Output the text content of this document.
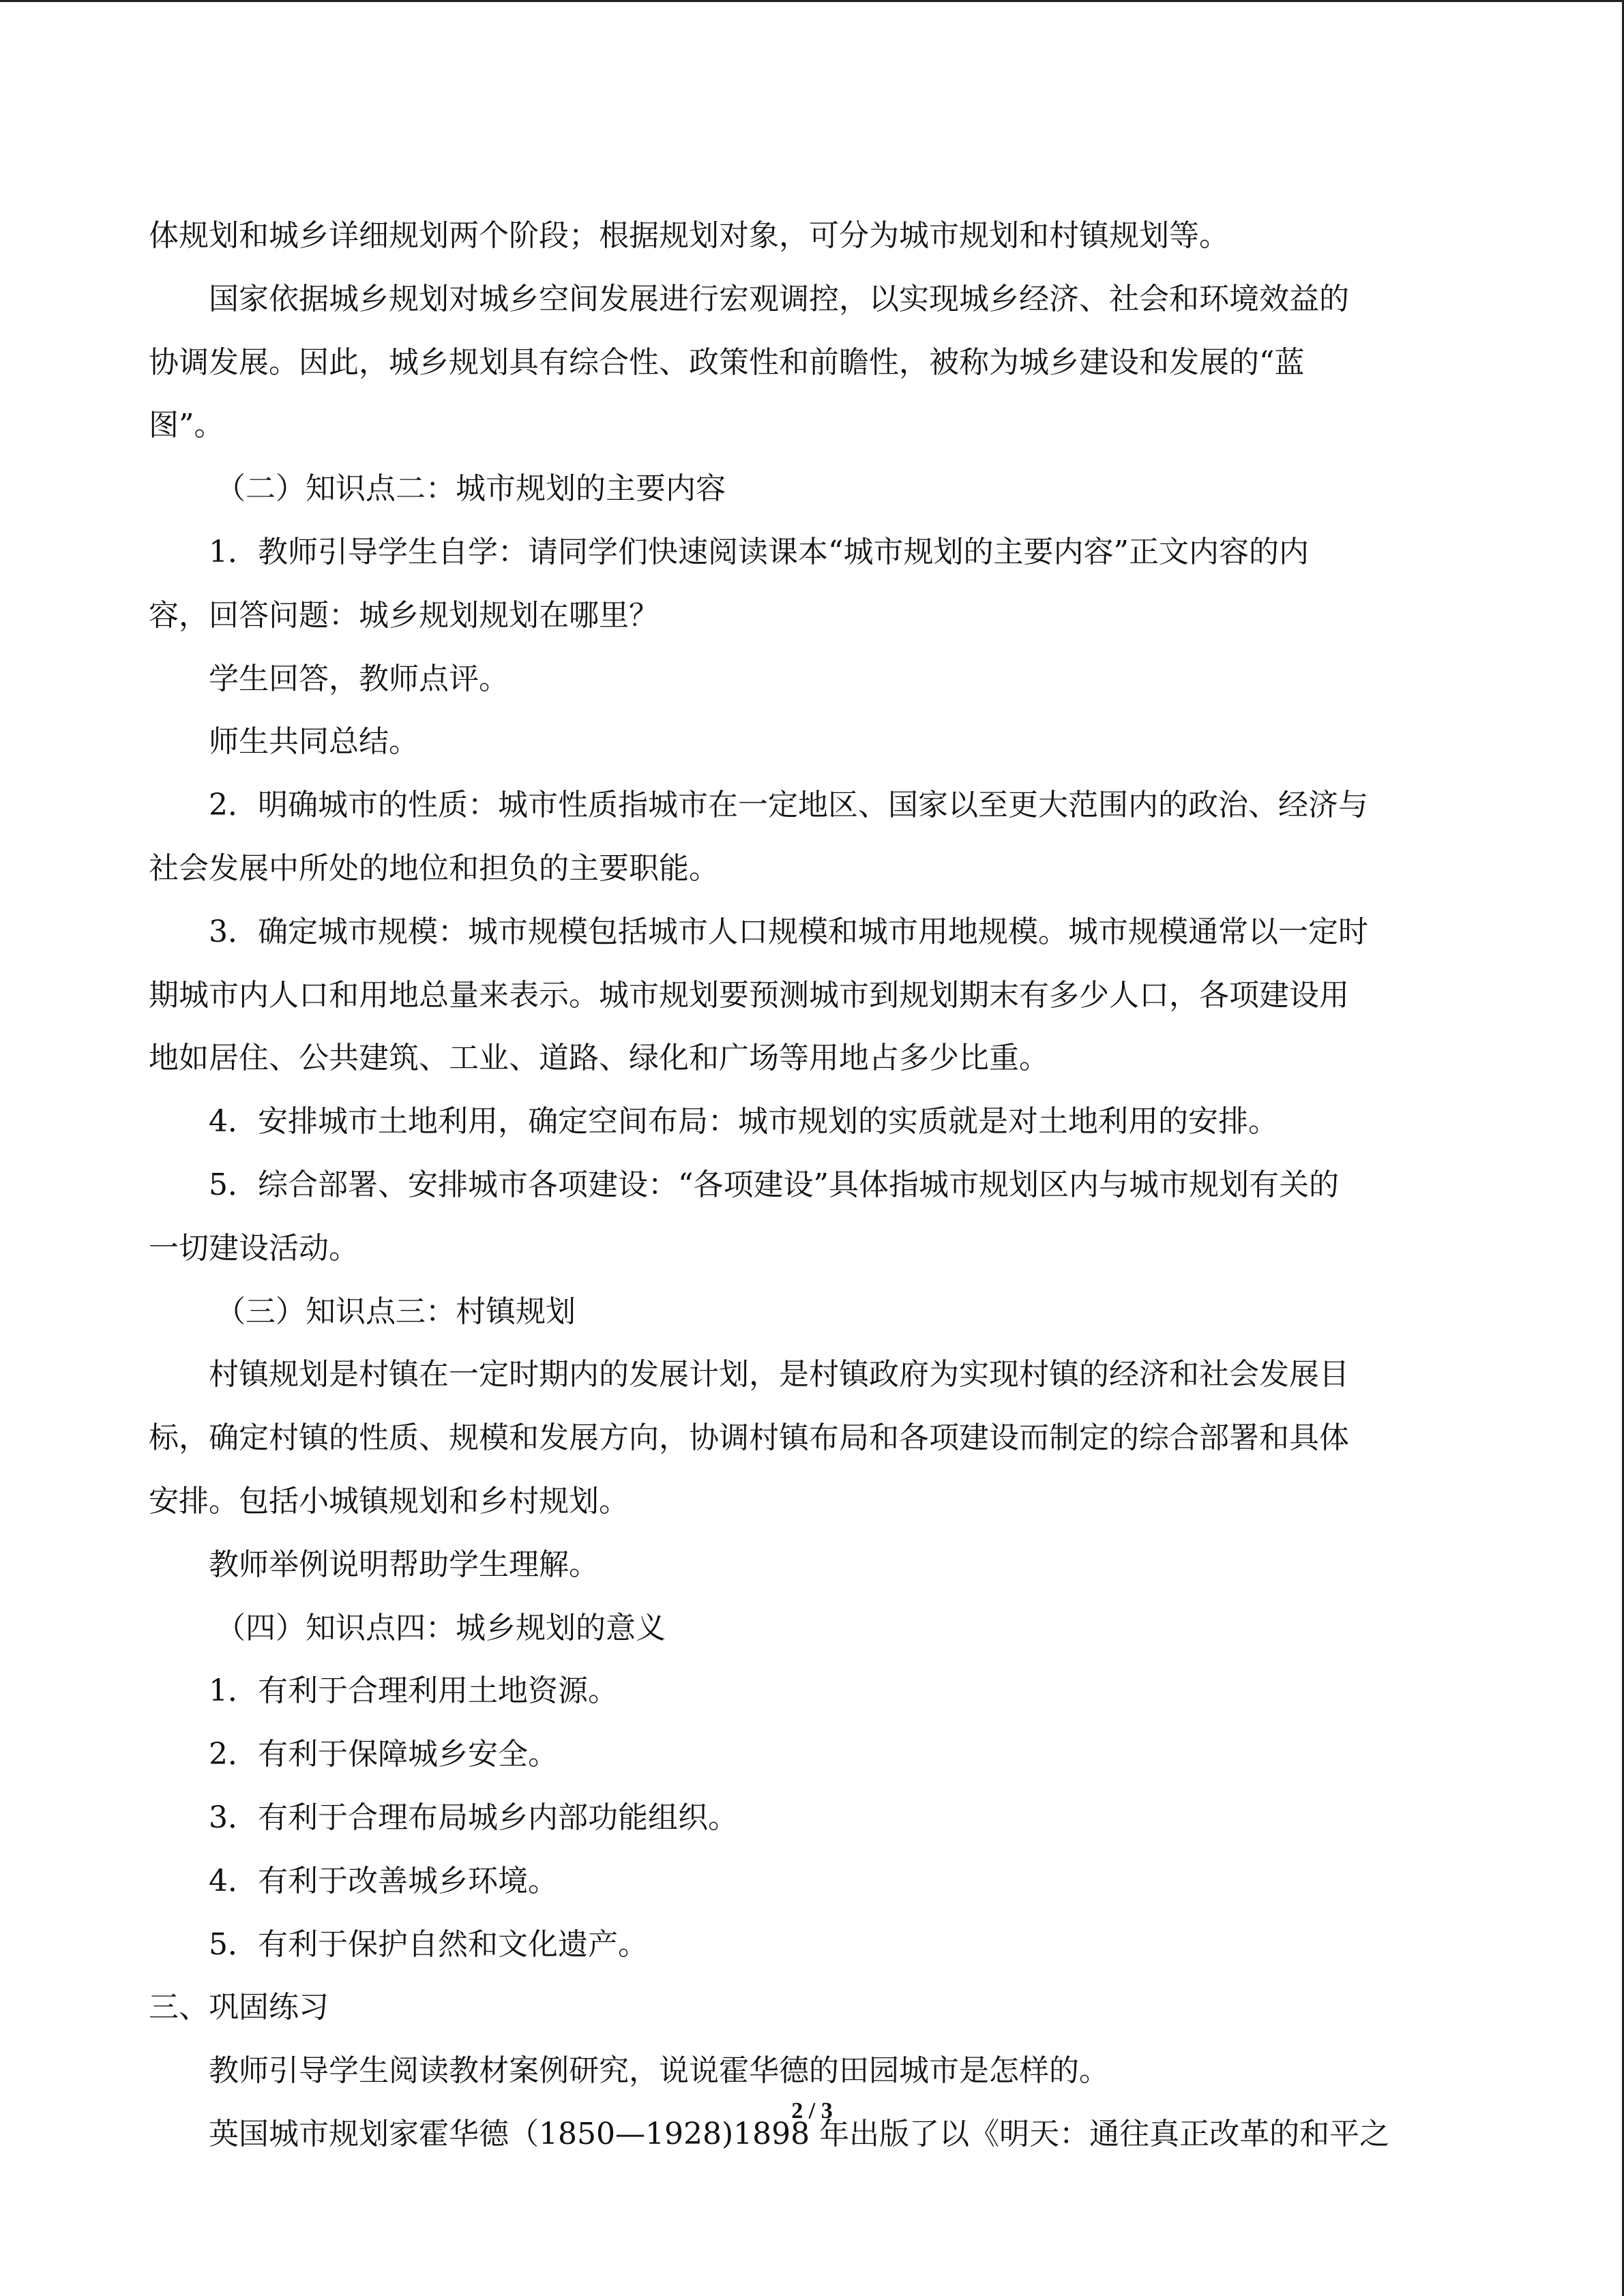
体规划和城乡详细规划两个阶段；根据规划对象，可分为城市规划和村镇规划等。
国家依据城乡规划对城乡空间发展进行宏观调控，以实现城乡经济、社会和环境效益的
协调发展。因此，城乡规划具有综合性、政策性和前瞻性，被称为城乡建设和发展的“蓝
图”。
（二）知识点二：城市规划的主要内容
1．教师引导学生自学：请同学们快速阅读课本“城市规划的主要内容”正文内容的内
容，回答问题：城乡规划规划在哪里？
学生回答，教师点评。
师生共同总结。
2．明确城市的性质：城市性质指城市在一定地区、国家以至更大范围内的政治、经济与
社会发展中所处的地位和担负的主要职能。
3．确定城市规模：城市规模包括城市人口规模和城市用地规模。城市规模通常以一定时
期城市内人口和用地总量来表示。城市规划要预测城市到规划期末有多少人口，各项建设用
地如居住、公共建筑、工业、道路、绿化和广场等用地占多少比重。
4．安排城市土地利用，确定空间布局：城市规划的实质就是对土地利用的安排。
5．综合部署、安排城市各项建设：“各项建设”具体指城市规划区内与城市规划有关的
一切建设活动。
（三）知识点三：村镇规划
村镇规划是村镇在一定时期内的发展计划，是村镇政府为实现村镇的经济和社会发展目
标，确定村镇的性质、规模和发展方向，协调村镇布局和各项建设而制定的综合部署和具体
安排。包括小城镇规划和乡村规划。
教师举例说明帮助学生理解。
（四）知识点四：城乡规划的意义
1．有利于合理利用土地资源。
2．有利于保障城乡安全。
3．有利于合理布局城乡内部功能组织。
4．有利于改善城乡环境。
5．有利于保护自然和文化遗产。
三、巩固练习
教师引导学生阅读教材案例研究，说说霍华德的田园城市是怎样的。
英国城市规划家霍华德（1850—1928)1898 年出版了以《明天：通往真正改革的和平之
2 / 3
